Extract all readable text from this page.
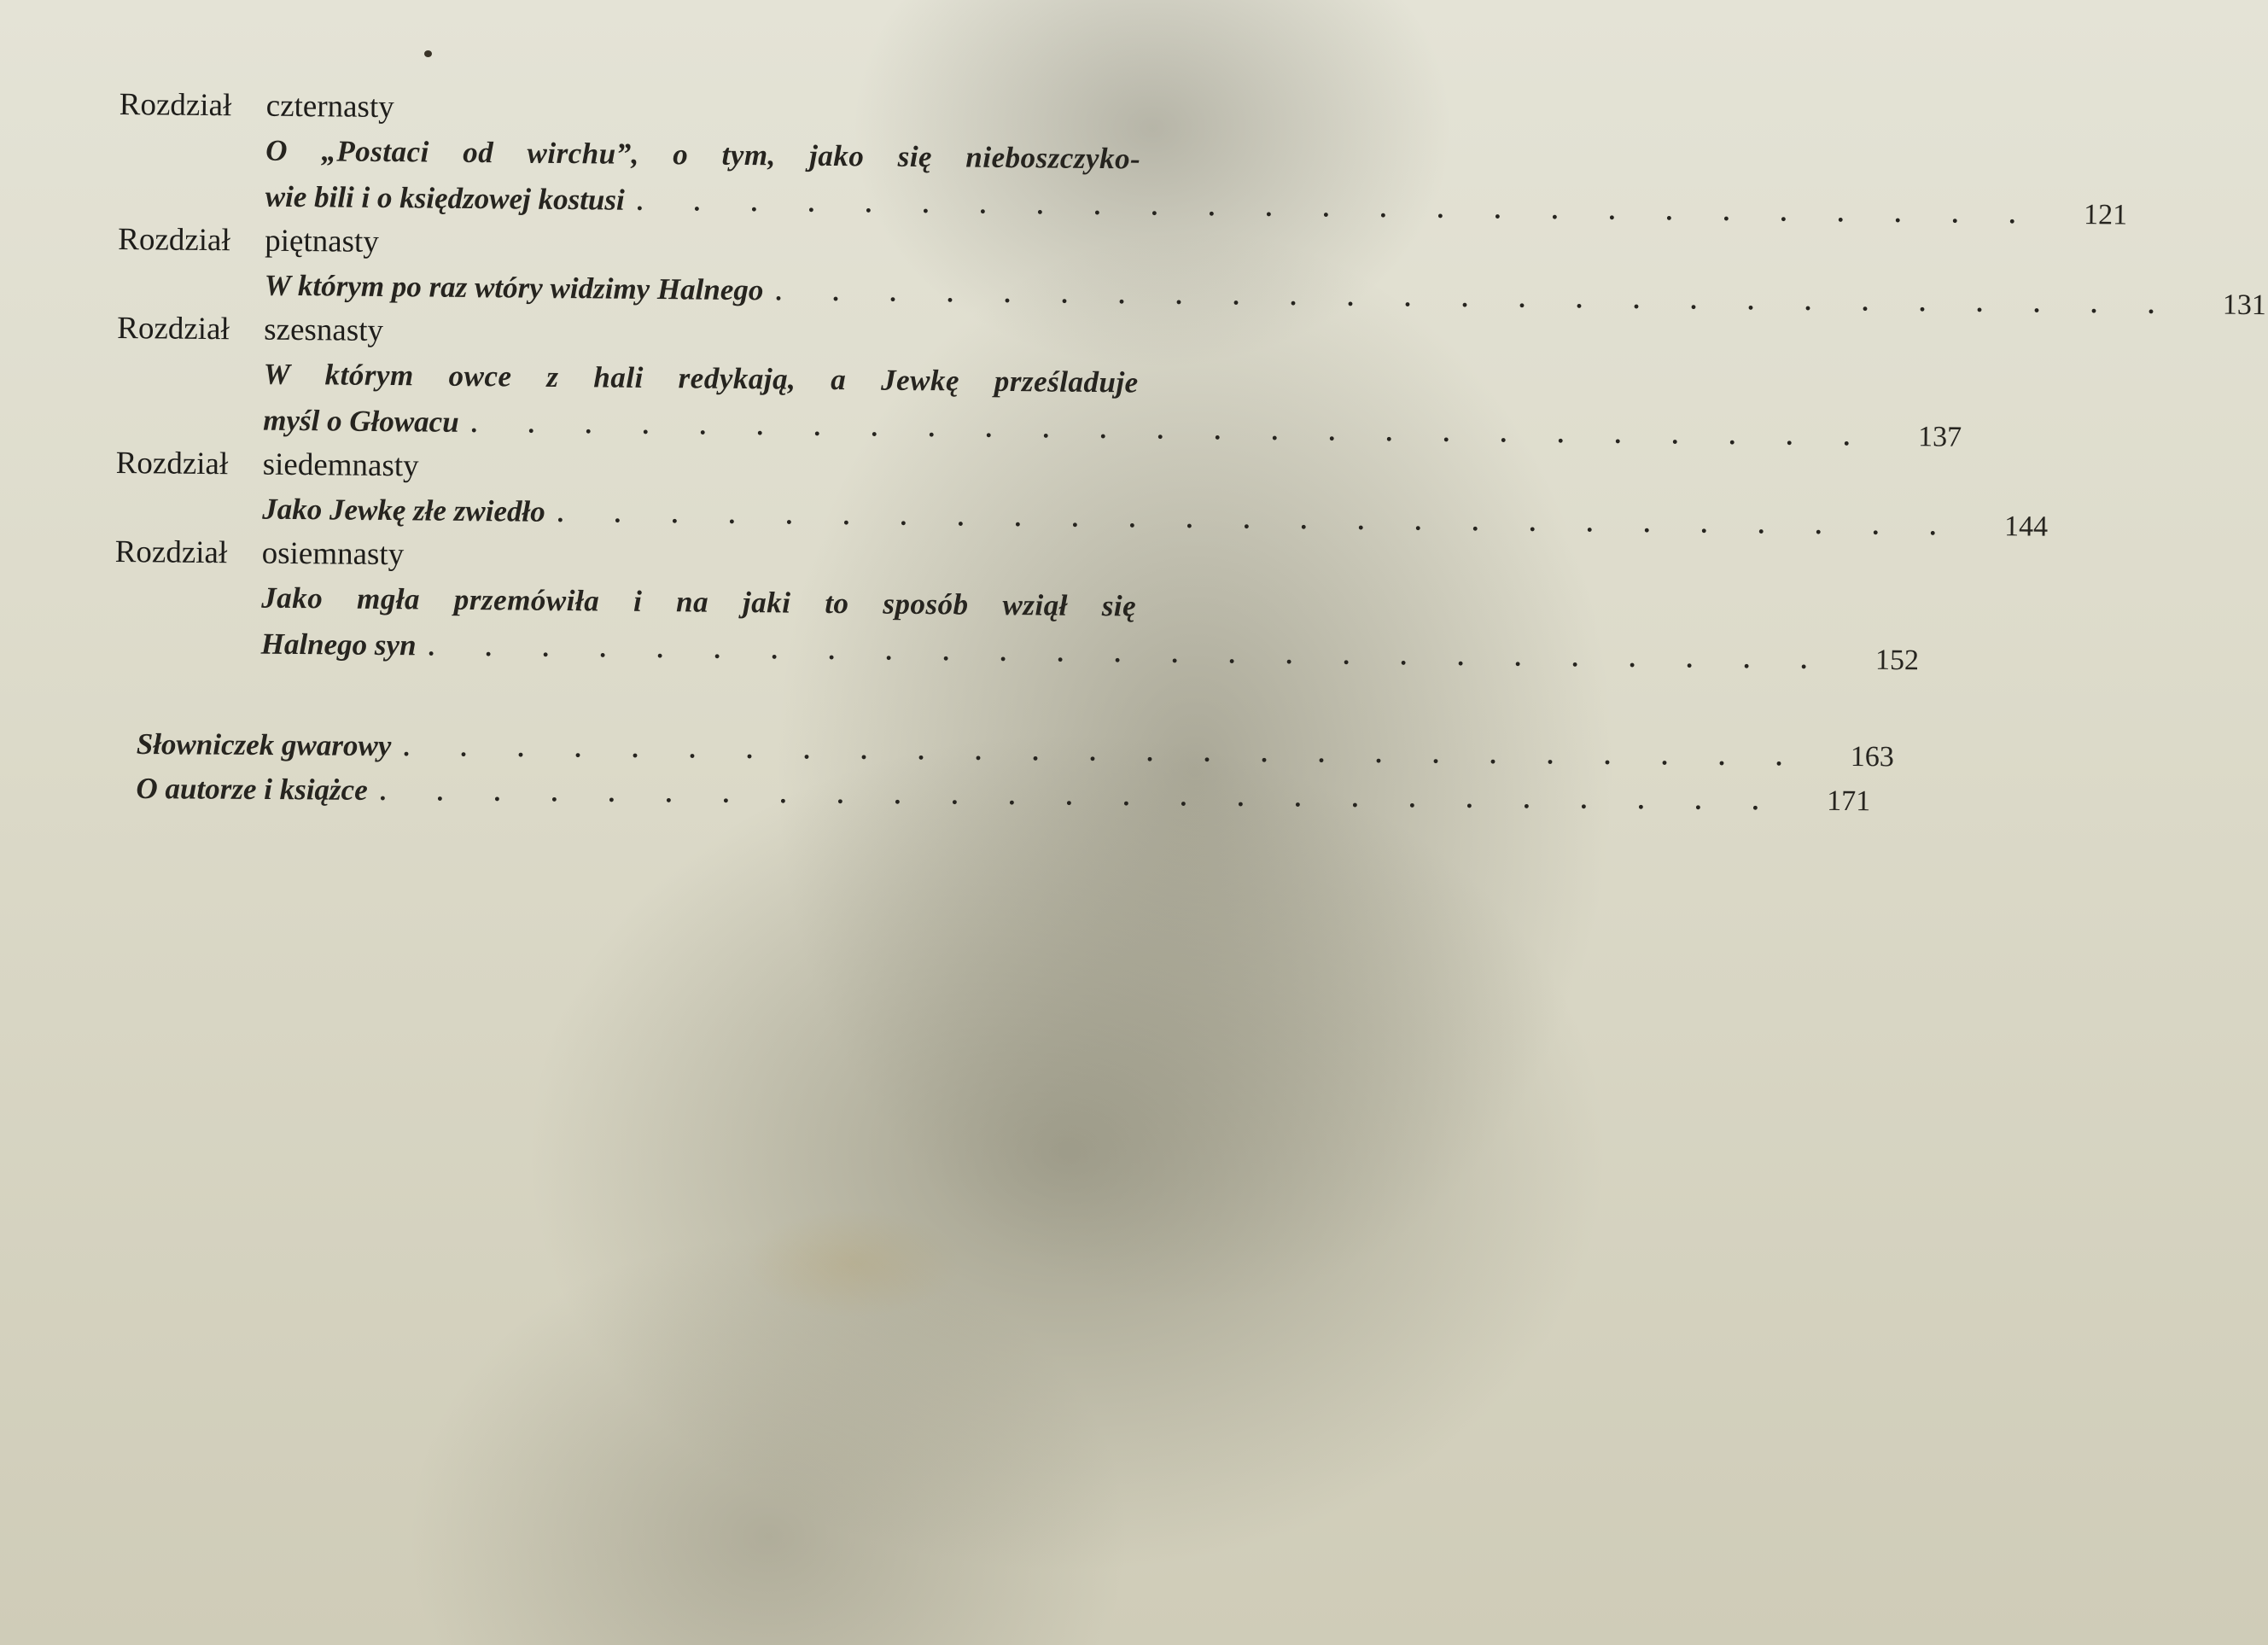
Rozdział czternasty
O „Postaci od wirchu”, o tym, jako się nieboszczyko-
wie bili i o księdzowej kostusi . . . . . . . . . . . . . . . . . . . . . . . . .	121
Rozdział piętnasty
W którym po raz wtóry widzimy Halnego . . . . . . . . . . . . . . . . . . . . . . . . .	131
Rozdział szesnasty
W którym owce z hali redykają, a Jewkę prześladuje
myśl o Głowacu . . . . . . . . . . . . . . . . . . . . . . . . .	137
Rozdział siedemnasty
Jako Jewkę złe zwiedło . . . . . . . . . . . . . . . . . . . . . . . . .	144
Rozdział osiemnasty
Jako mgła przemówiła i na jaki to sposób wziął się
Halnego syn . . . . . . . . . . . . . . . . . . . . . . . . .	152
Słowniczek gwarowy . . . . . . . . . . . . . . . . . . . . . . . . .	163
O autorze i książce . . . . . . . . . . . . . . . . . . . . . . . . .	171
